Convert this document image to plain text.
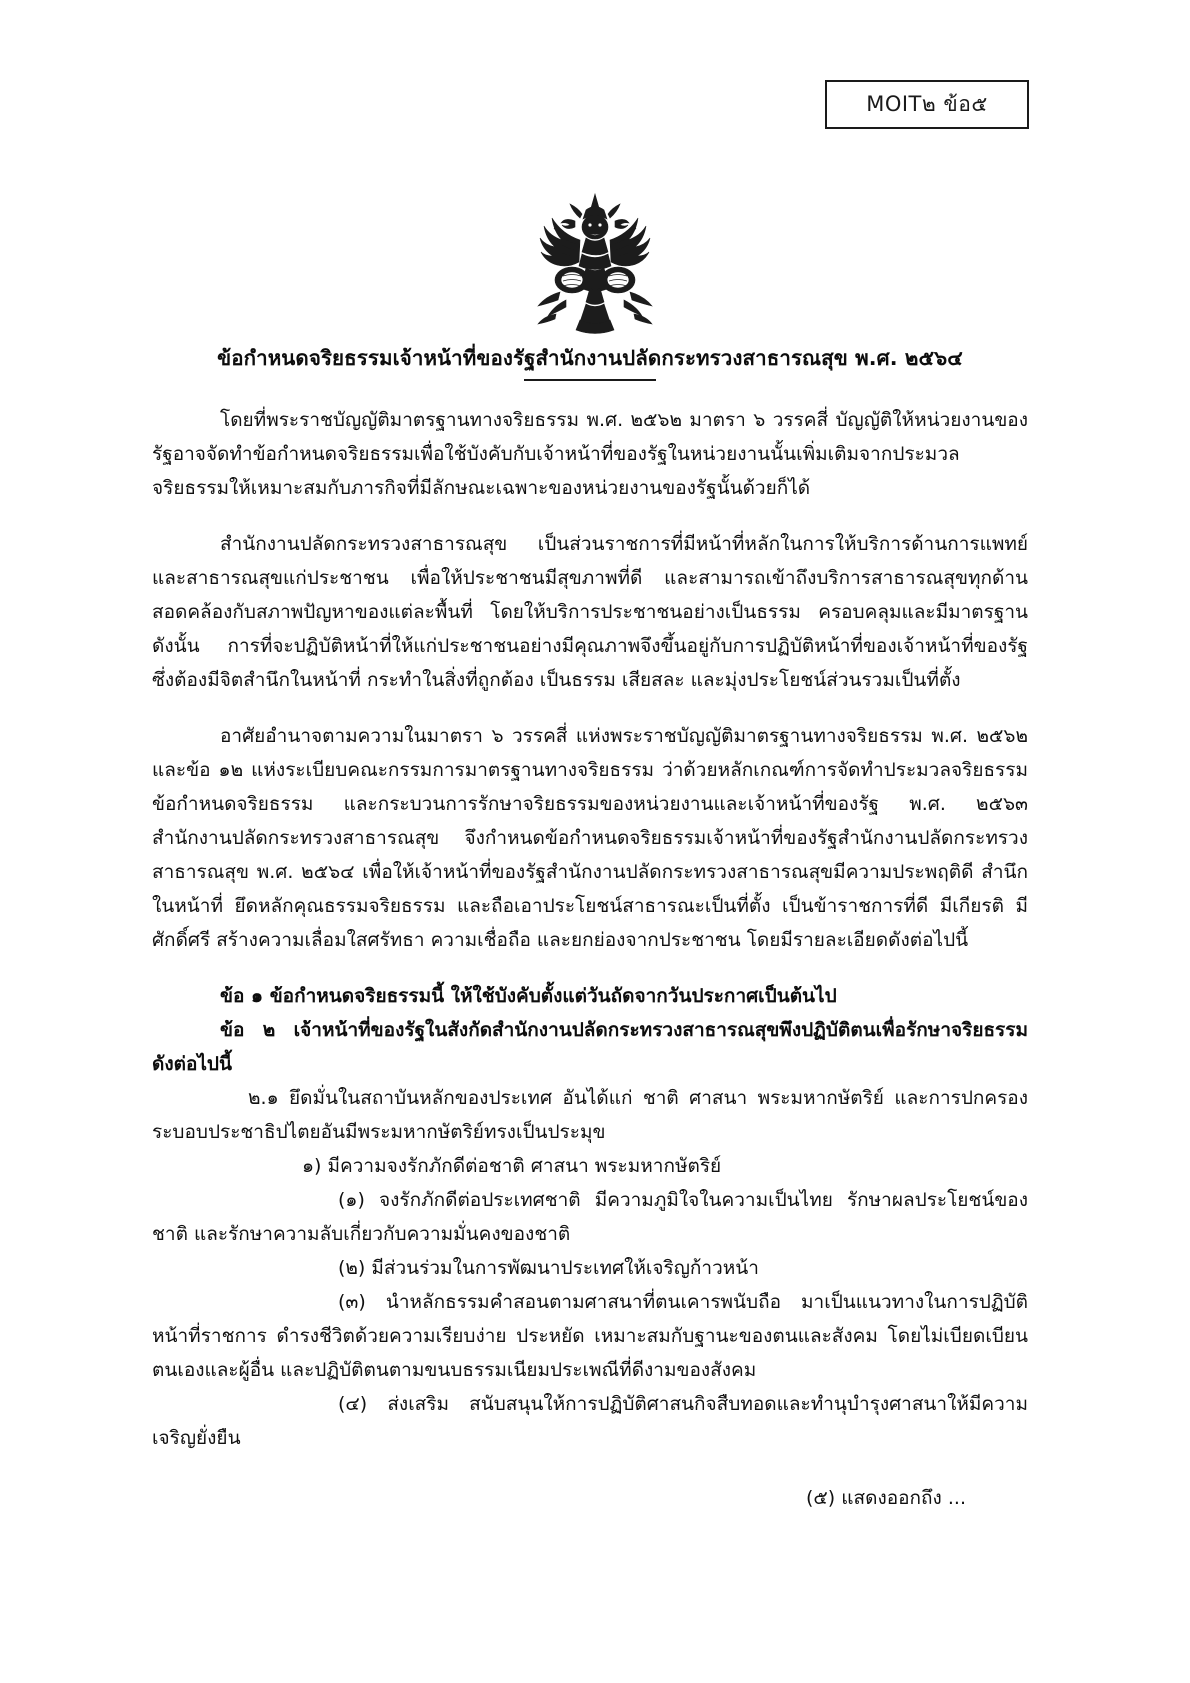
MOIT๒ ข้อ๕
ข้อกำหนดจริยธรรมเจ้าหน้าที่ของรัฐสำนักงานปลัดกระทรวงสาธารณสุข พ.ศ. ๒๕๖๔

โดยที่พระราชบัญญัติมาตรฐานทางจริยธรรม พ.ศ. ๒๕๖๒ มาตรา ๖ วรรคสี่ บัญญัติให้หน่วยงานของรัฐอาจจัดทำข้อกำหนดจริยธรรมเพื่อใช้บังคับกับเจ้าหน้าที่ของรัฐในหน่วยงานนั้นเพิ่มเติมจากประมวลจริยธรรมให้เหมาะสมกับภารกิจที่มีลักษณะเฉพาะของหน่วยงานของรัฐนั้นด้วยก็ได้

สำนักงานปลัดกระทรวงสาธารณสุข เป็นส่วนราชการที่มีหน้าที่หลักในการให้บริการด้านการแพทย์และสาธารณสุขแก่ประชาชน เพื่อให้ประชาชนมีสุขภาพที่ดี และสามารถเข้าถึงบริการสาธารณสุขทุกด้าน สอดคล้องกับสภาพปัญหาของแต่ละพื้นที่ โดยให้บริการประชาชนอย่างเป็นธรรม ครอบคลุมและมีมาตรฐาน ดังนั้น การที่จะปฏิบัติหน้าที่ให้แก่ประชาชนอย่างมีคุณภาพจึงขึ้นอยู่กับการปฏิบัติหน้าที่ของเจ้าหน้าที่ของรัฐซึ่งต้องมีจิตสำนึกในหน้าที่ กระทำในสิ่งที่ถูกต้อง เป็นธรรม เสียสละ และมุ่งประโยชน์ส่วนรวมเป็นที่ตั้ง

อาศัยอำนาจตามความในมาตรา ๖ วรรคสี่ แห่งพระราชบัญญัติมาตรฐานทางจริยธรรม พ.ศ. ๒๕๖๒ และข้อ ๑๒ แห่งระเบียบคณะกรรมการมาตรฐานทางจริยธรรม ว่าด้วยหลักเกณฑ์การจัดทำประมวลจริยธรรม ข้อกำหนดจริยธรรม และกระบวนการรักษาจริยธรรมของหน่วยงานและเจ้าหน้าที่ของรัฐ พ.ศ. ๒๕๖๓ สำนักงานปลัดกระทรวงสาธารณสุข จึงกำหนดข้อกำหนดจริยธรรมเจ้าหน้าที่ของรัฐสำนักงานปลัดกระทรวงสาธารณสุข พ.ศ. ๒๕๖๔ เพื่อให้เจ้าหน้าที่ของรัฐสำนักงานปลัดกระทรวงสาธารณสุขมีความประพฤติดี สำนึกในหน้าที่ ยึดหลักคุณธรรมจริยธรรม และถือเอาประโยชน์สาธารณะเป็นที่ตั้ง เป็นข้าราชการที่ดี มีเกียรติ มีศักดิ์ศรี สร้างความเลื่อมใสศรัทธา ความเชื่อถือ และยกย่องจากประชาชน โดยมีรายละเอียดดังต่อไปนี้

ข้อ ๑ ข้อกำหนดจริยธรรมนี้ ให้ใช้บังคับตั้งแต่วันถัดจากวันประกาศเป็นต้นไป

ข้อ ๒ เจ้าหน้าที่ของรัฐในสังกัดสำนักงานปลัดกระทรวงสาธารณสุขพึงปฏิบัติตนเพื่อรักษาจริยธรรม ดังต่อไปนี้

๒.๑ ยึดมั่นในสถาบันหลักของประเทศ อันได้แก่ ชาติ ศาสนา พระมหากษัตริย์ และการปกครอง ระบอบประชาธิปไตยอันมีพระมหากษัตริย์ทรงเป็นประมุข

๑) มีความจงรักภักดีต่อชาติ ศาสนา พระมหากษัตริย์

(๑) จงรักภักดีต่อประเทศชาติ มีความภูมิใจในความเป็นไทย รักษาผลประโยชน์ของชาติ และรักษาความลับเกี่ยวกับความมั่นคงของชาติ

(๒) มีส่วนร่วมในการพัฒนาประเทศให้เจริญก้าวหน้า

(๓) นำหลักธรรมคำสอนตามศาสนาที่ตนเคารพนับถือ มาเป็นแนวทางในการปฏิบัติหน้าที่ราชการ ดำรงชีวิตด้วยความเรียบง่าย ประหยัด เหมาะสมกับฐานะของตนและสังคม โดยไม่เบียดเบียนตนเองและผู้อื่น และปฏิบัติตนตามขนบธรรมเนียมประเพณีที่ดีงามของสังคม

(๔) ส่งเสริม สนับสนุนให้การปฏิบัติศาสนกิจสืบทอดและทำนุบำรุงศาสนาให้มีความเจริญยั่งยืน

(๕) แสดงออกถึง ...
